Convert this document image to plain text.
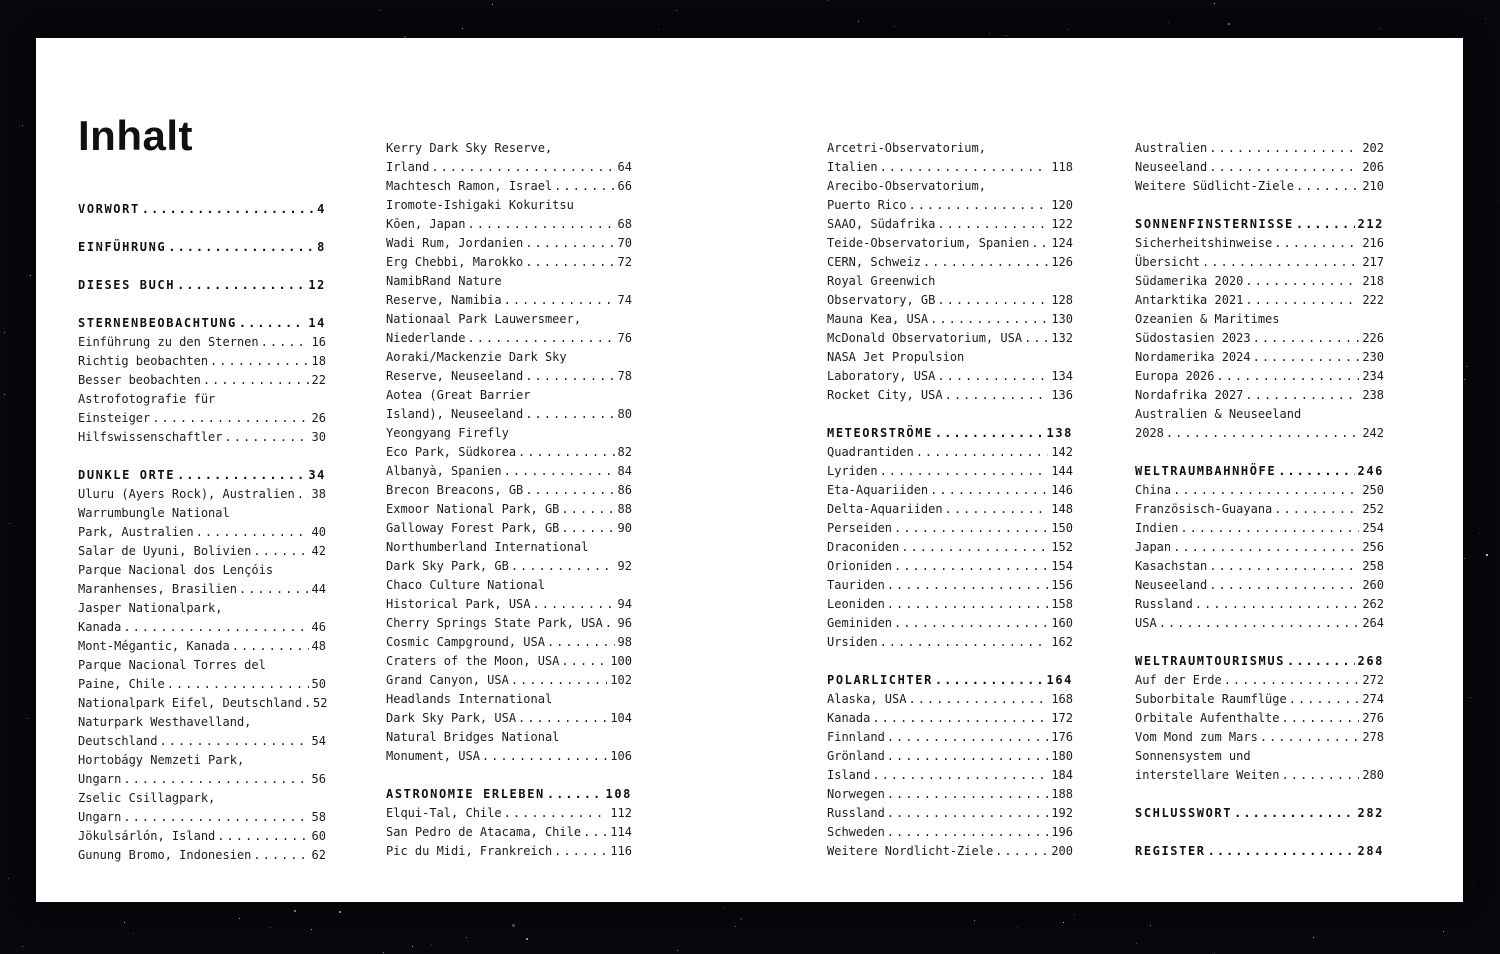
Inhalt
VORWORT .....	4
EINFÜHRUNG .....	8
DIESES BUCH .....	12
STERNENBEOBACHTUNG .....	14
Einführung zu den Sternen .....	16
Richtig beobachten .....	18
Besser beobachten .....	22
Astrofotografie für
Einsteiger .....	26
Hilfswissenschaftler .....	30
DUNKLE ORTE .....	34
Uluru (Ayers Rock), Australien ..... 38
Warrumbungle National
Park, Australien .....	40
Salar de Uyuni, Bolivien .....	42
Parque Nacional dos Lençóis
Maranhenses, Brasilien .....	44
Jasper Nationalpark,
Kanada .....	46
Mont-Mégantic, Kanada .....	48
Parque Nacional Torres del
Paine, Chile .....	50
Nationalpark Eifel, Deutschland ..... 52
Naturpark Westhavelland,
Deutschland .....	54
Hortobágy Nemzeti Park,
Ungarn .....	56
Zselic Csillagpark,
Ungarn .....	58
Jökulsárlón, Island .....	60
Gunung Bromo, Indonesien .....	62
Kerry Dark Sky Reserve,
Irland .....	64
Machtesch Ramon, Israel .....	66
Iromote-Ishigaki Kokuritsu
Kōen, Japan .....	68
Wadi Rum, Jordanien .....	70
Erg Chebbi, Marokko .....	72
NamibRand Nature
Reserve, Namibia .....	74
Nationaal Park Lauwersmeer,
Niederlande .....	76
Aoraki/Mackenzie Dark Sky
Reserve, Neuseeland .....	78
Aotea (Great Barrier
Island), Neuseeland .....	80
Yeongyang Firefly
Eco Park, Südkorea .....	82
Albanyà, Spanien .....	84
Brecon Breacons, GB .....	86
Exmoor National Park, GB .....	88
Galloway Forest Park, GB .....	90
Northumberland International
Dark Sky Park, GB .....	92
Chaco Culture National
Historical Park, USA .....	94
Cherry Springs State Park, USA ..... 96
Cosmic Campground, USA .....	98
Craters of the Moon, USA .....	100
Grand Canyon, USA .....	102
Headlands International
Dark Sky Park, USA .....	104
Natural Bridges National
Monument, USA .....	106
ASTRONOMIE ERLEBEN .....	108
Elqui-Tal, Chile .....	112
San Pedro de Atacama, Chile ..... 114
Pic du Midi, Frankreich .....	116
Arcetri-Observatorium,
Italien .....	118
Arecibo-Observatorium,
Puerto Rico .....	120
SAAO, Südafrika .....	122
Teide-Observatorium, Spanien ..... 124
CERN, Schweiz .....	126
Royal Greenwich
Observatory, GB .....	128
Mauna Kea, USA .....	130
McDonald Observatorium, USA ..... 132
NASA Jet Propulsion
Laboratory, USA .....	134
Rocket City, USA .....	136
METEORSTRÖME .....	138
Quadrantiden .....	142
Lyriden .....	144
Eta-Aquariiden .....	146
Delta-Aquariiden .....	148
Perseiden .....	150
Draconiden .....	152
Orioniden .....	154
Tauriden .....	156
Leoniden .....	158
Geminiden .....	160
Ursiden .....	162
POLARLICHTER .....	164
Alaska, USA .....	168
Kanada .....	172
Finnland .....	176
Grönland .....	180
Island .....	184
Norwegen .....	188
Russland .....	192
Schweden .....	196
Weitere Nordlicht-Ziele .....	200
Australien .....	202
Neuseeland .....	206
Weitere Südlicht-Ziele .....	210
SONNENFINSTERNISSE .....	212
Sicherheitshinweise .....	216
Übersicht .....	217
Südamerika 2020 .....	218
Antarktika 2021 .....	222
Ozeanien & Maritimes
Südostasien 2023 .....	226
Nordamerika 2024 .....	230
Europa 2026 .....	234
Nordafrika 2027 .....	238
Australien & Neuseeland
2028 .....	242
WELTRAUMBAHNHÖFE .....	246
China .....	250
Französisch-Guayana .....	252
Indien .....	254
Japan .....	256
Kasachstan .....	258
Neuseeland .....	260
Russland .....	262
USA .....	264
WELTRAUMTOURISMUS .....	268
Auf der Erde .....	272
Suborbitale Raumflüge .....	274
Orbitale Aufenthalte .....	276
Vom Mond zum Mars .....	278
Sonnensystem und
interstellare Weiten .....	280
SCHLUSSWORT .....	282
REGISTER .....	284
